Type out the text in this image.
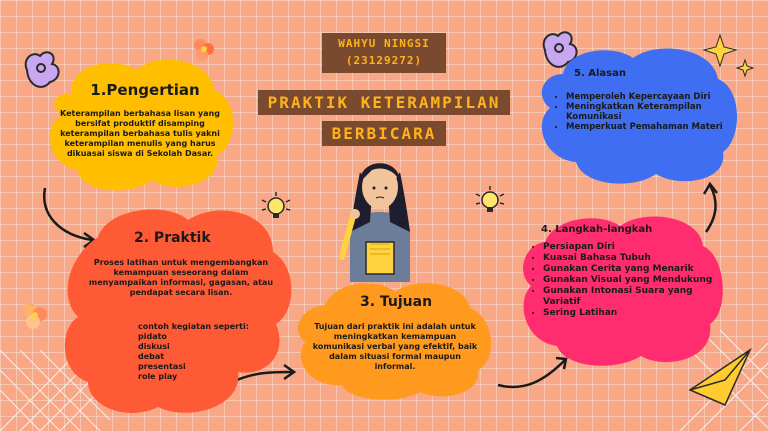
WAHYU NINGSI
(23129272)
PRAKTIK KETERAMPILAN
BERBICARA
1.Pengertian
Keterampilan berbahasa lisan yang bersifat produktif disamping keterampilan berbahasa tulis yakni keterampilan menulis yang harus dikuasai siswa di Sekolah Dasar.
5. Alasan
• Memperoleh Kepercayaan Diri
• Meningkatkan Keterampilan Komunikasi
• Memperkuat Pemahaman Materi
2. Praktik
Proses latihan untuk mengembangkan kemampuan seseorang dalam menyampaikan informasi, gagasan, atau pendapat secara lisan.
contoh kegiatan seperti:
pidato
diskusi
debat
presentasi
role play
3. Tujuan
Tujuan dari praktik ini adalah untuk meningkatkan kemampuan komunikasi verbal yang efektif, baik dalam situasi formal maupun informal.
4. Langkah-langkah
• Persiapan Diri
• Kuasai Bahasa Tubuh
• Gunakan Cerita yang Menarik
• Gunakan Visual yang Mendukung
• Gunakan Intonasi Suara yang Variatif
• Sering Latihan
